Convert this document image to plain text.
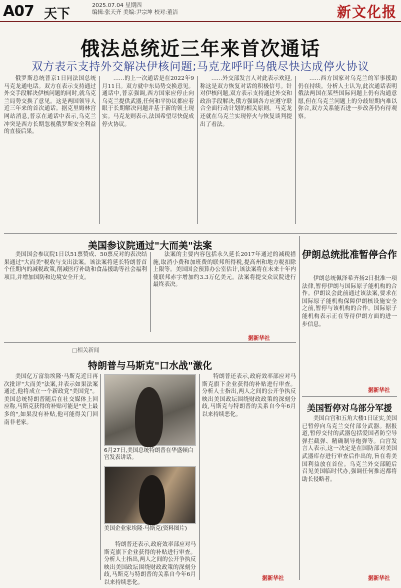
A07 天下
2025.07.04 星期四
编辑:张天齐 美编:尹宗坤 校对:董洁	新文化报
俄法总统近三年来首次通话
双方表示支持外交解决伊核问题;马克龙呼吁乌俄尽快达成停火协议

俄罗斯总统普京1日同法国总统马克龙通电话。双方在表示支持通过外交手段解决伊核问题的同时,就乌克兰局势交换了意见。这是两国领导人近三年来的首次通话。据克里姆林宫网站消息,普京在通话中表示,乌克兰冲突是西方长期忽视俄罗斯安全利益的直接后果。

……的上一次通话是在2022年9月11日。双方就中东局势交换意见。通话中,普京强调,西方国家应停止向乌克兰提供武器,任何和平协议都应着眼于长期解决问题并基于新的领土现实。马克龙则表示,法国希望尽快促成停火协议。

……外交部发言人对此表示欢迎,称这是双方恢复对话的积极信号。针对伊核问题,双方表示支持通过外交和政治手段解决,俄方强调各方应遵守联合全面行动计划的相关原则。马克龙还就在乌克兰实现停火与恢复谈判提出了看法。

……西方国家对乌克兰的军事援助仍在持续。分析人士认为,此次通话表明俄法两国在某些国际问题上仍有沟通意愿,但在乌克兰问题上的分歧短期内难以弥合,双方关系能否进一步改善仍有待观察。

美国参议院通过"大而美"法案

美国国会参议院1日以51票赞成、50票反对的表决结果通过"大而美"税收与支出法案。该法案将延长特朗普首个任期内的减税政策,削减医疗补助和食品援助等社会福利项目,并增加国防和边境安全开支。

法案的主要内容包括永久延长2017年通过的减税措施,取消小费和加班费的联邦所得税,提高州和地方税扣除上限等。美国国会预算办公室估计,该法案将在未来十年内使联邦赤字增加约3.3万亿美元。法案将提交众议院进行最终表决。

据新华社
伊朗总统批准暂停合作

伊朗总统佩泽希齐扬2日批准一项法律,暂停伊朗与国际原子能机构的合作。伊朗议会此前通过该法案,要求在国际原子能机构保障伊朗核设施安全之前,暂停与该机构的合作。国际原子能机构表示正在等待伊朗方面的进一步信息。

据新华社
美国暂停对乌部分军援

美国白宫和五角大楼1日证实,美国已暂停向乌克兰交付部分武器。据报道,暂停交付的武器包括爱国者防空导弹拦截弹、精确制导炮弹等。白宫发言人表示,这一决定是在国防部对美国武器库存进行审查后作出的,旨在将美国利益放在首位。乌克兰外交部随后召见美国临时代办,强调任何推迟都将助长侵略者。

据新华社
□相关新闻
特朗普与马斯克"口水战"激化

美国亿万富翁埃隆·马斯克近日再次批评"大而美"法案,并表示如果法案通过,他将成立一个新政党"美国党"。美国总统特朗普随后在社交媒体上回应称,马斯克获得的补贴可能是"史上最多的",如果没有补贴,他可能得关门回南非老家。

6月27日,美国总统特朗普在华盛顿白宫发表讲话。
美国企业家埃隆·马斯克(资料图片)

特朗普还表示,政府效率部应对马斯克旗下企业获得的补贴进行审查。分析人士指出,两人之间的公开争执反映出美国政坛围绕财政政策的深刻分歧,马斯克与特朗普的关系自今年6月以来持续恶化。

特朗普还表示,政府效率部应对马斯克旗下企业获得的补贴进行审查。分析人士指出,两人之间的公开争执反映出美国政坛围绕财政政策的深刻分歧,马斯克与特朗普的关系自今年6月以来持续恶化。

据新华社
